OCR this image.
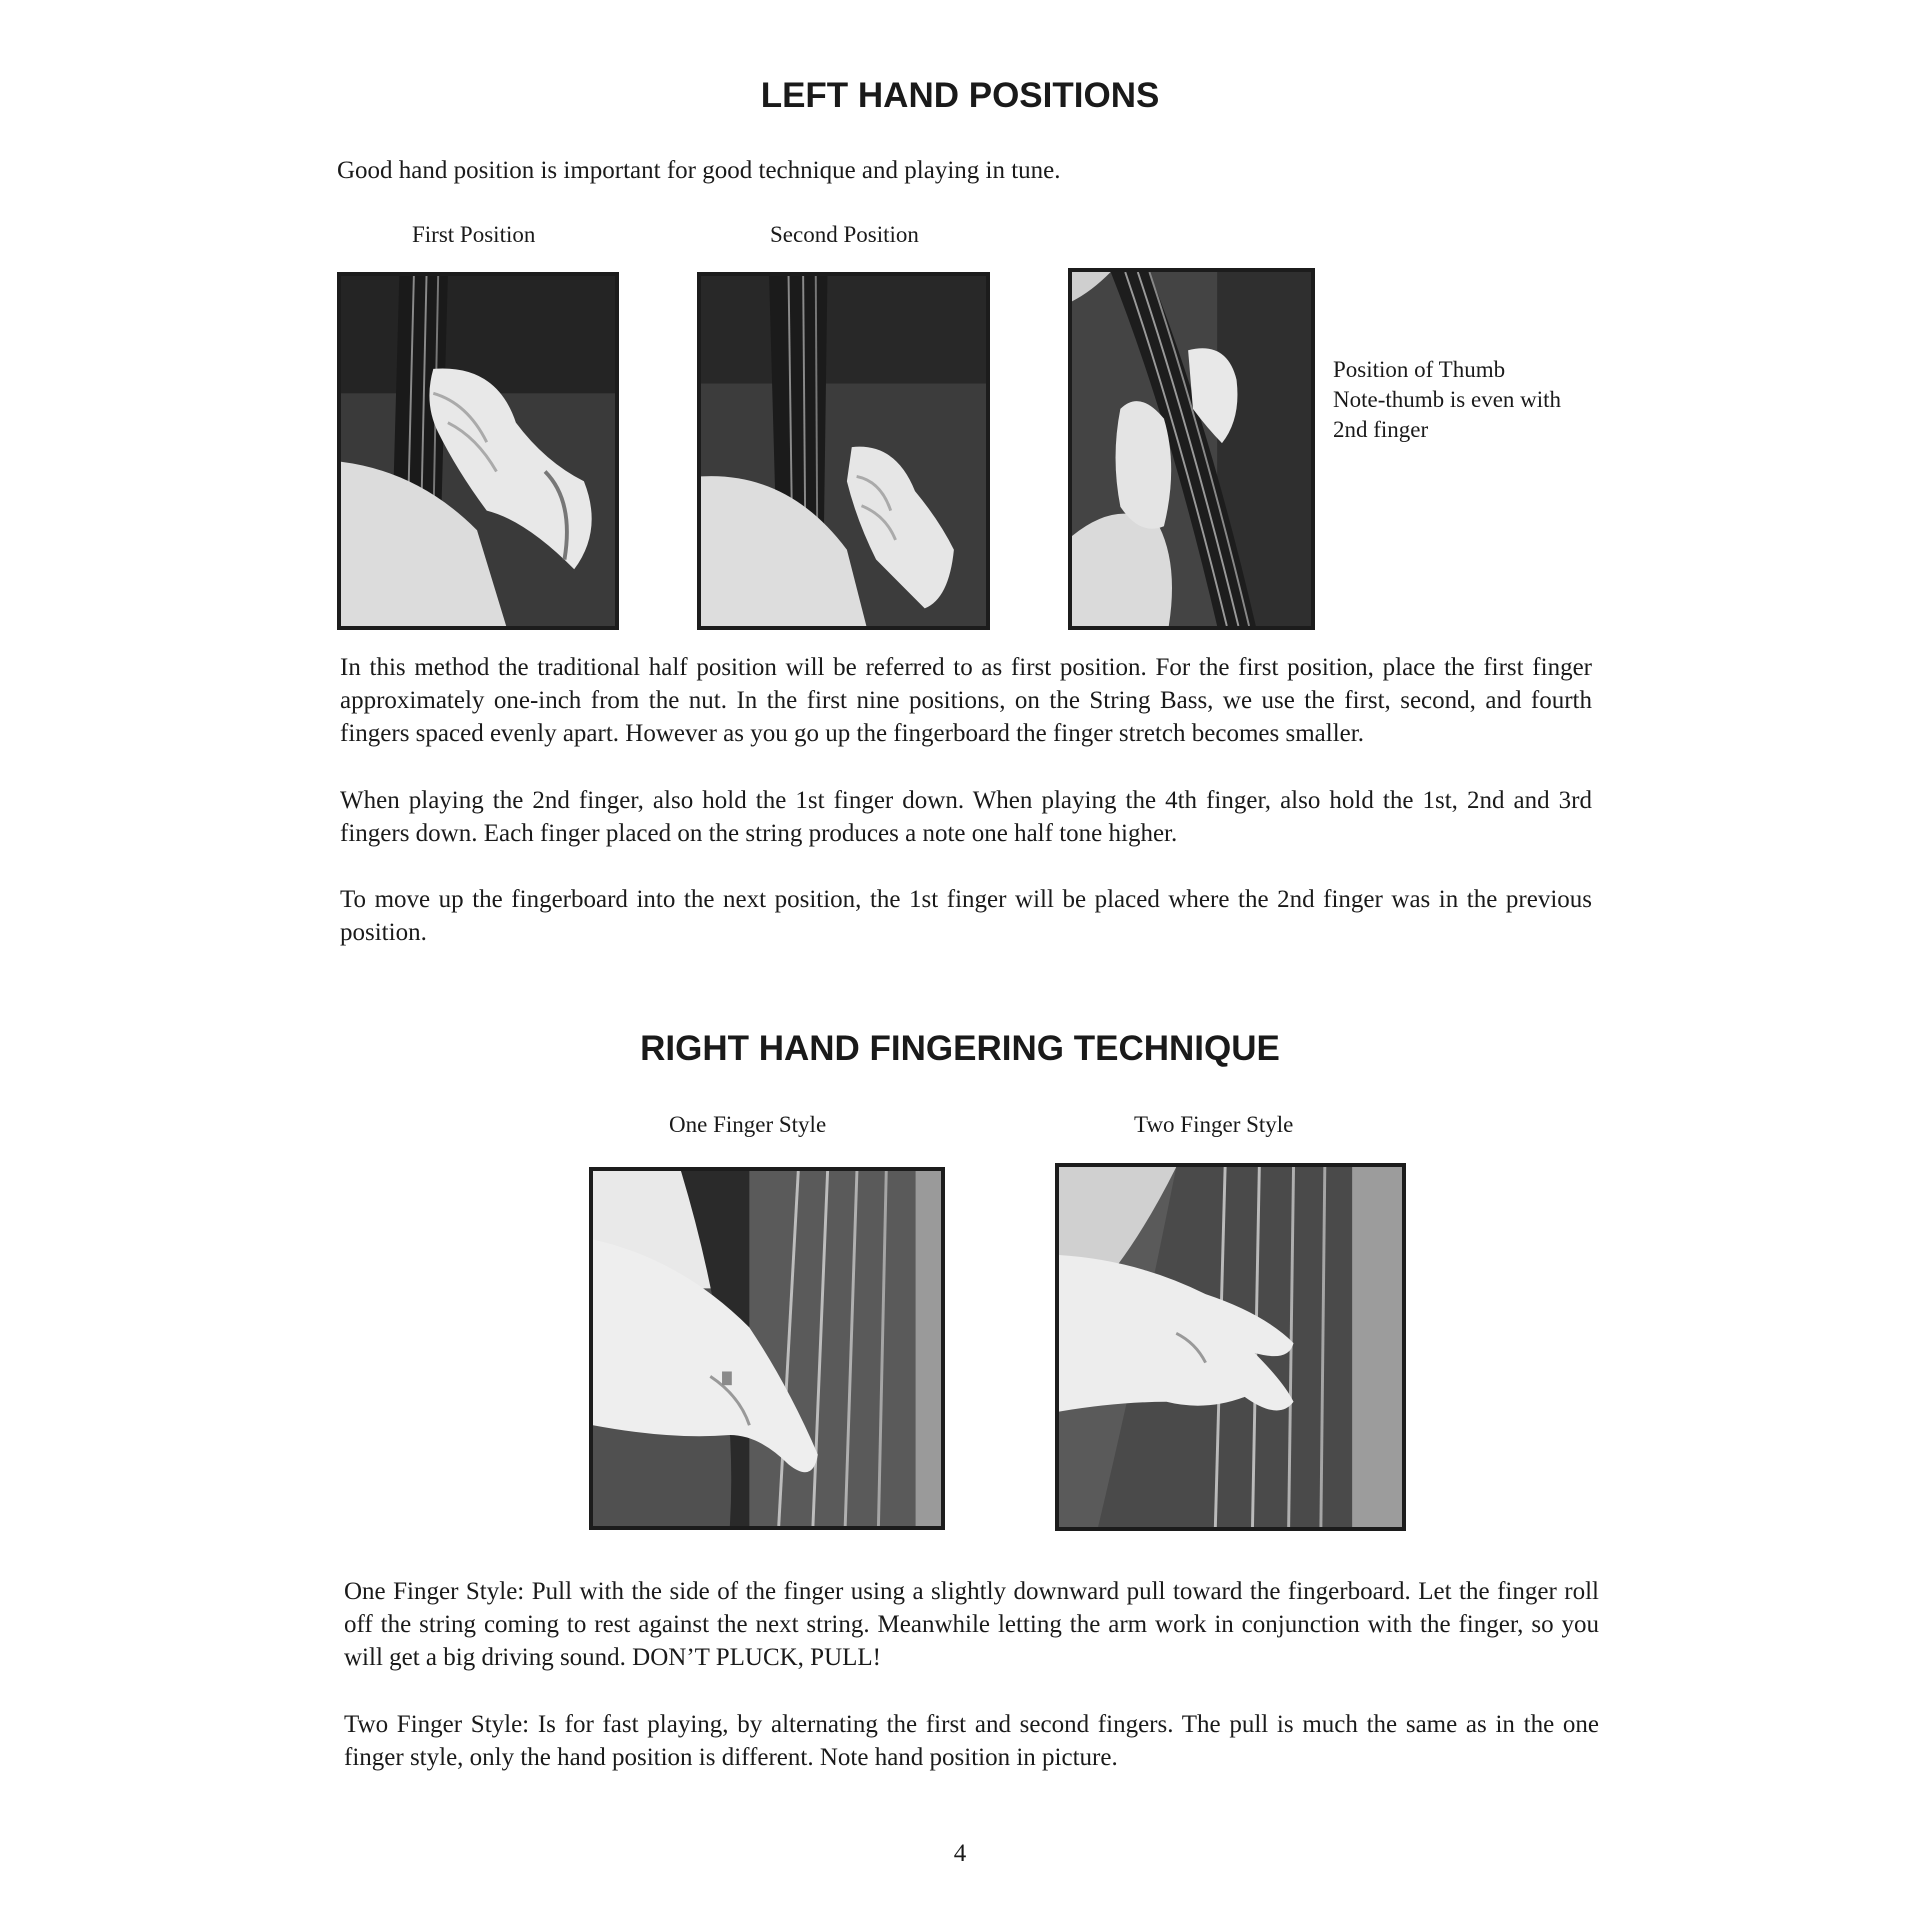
LEFT HAND POSITIONS

Good hand position is important for good technique and playing in tune.

First Position	Second Position

Position of Thumb

Note-thumb is even with

2nd finger

In this method the traditional half position will be referred to as first position. For the first position, place the first finger approximately one-inch from the nut. In the first nine positions, on the String Bass, we use the first, second, and fourth fingers spaced evenly apart. However as you go up the fingerboard the finger stretch becomes smaller.

When playing the 2nd finger, also hold the 1st finger down. When playing the 4th finger, also hold the 1st, 2nd and 3rd fingers down. Each finger placed on the string produces a note one half tone higher.

To move up the fingerboard into the next position, the 1st finger will be placed where the 2nd finger was in the previous position.

RIGHT HAND FINGERING TECHNIQUE

One Finger Style	Two Finger Style

One Finger Style: Pull with the side of the finger using a slightly downward pull toward the fingerboard. Let the finger roll off the string coming to rest against the next string. Meanwhile letting the arm work in conjunction with the finger, so you will get a big driving sound. DON’T PLUCK, PULL!

Two Finger Style: Is for fast playing, by alternating the first and second fingers. The pull is much the same as in the one finger style, only the hand position is different. Note hand position in picture.

4
